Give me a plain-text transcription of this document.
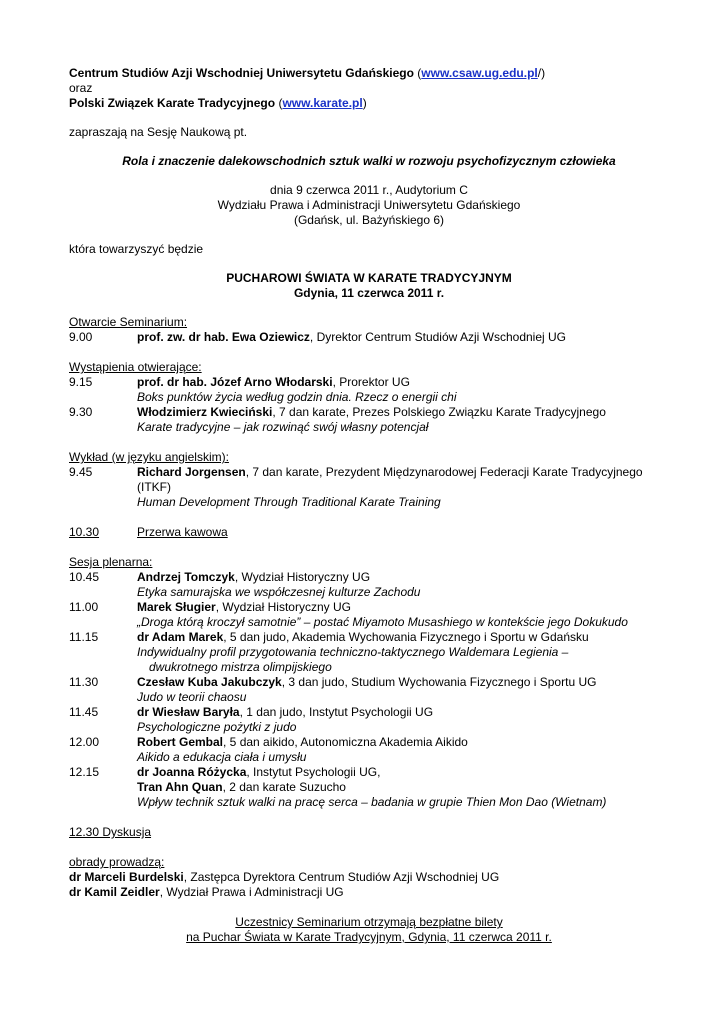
Centrum Studiów Azji Wschodniej Uniwersytetu Gdańskiego (www.csaw.ug.edu.pl/)
oraz
Polski Związek Karate Tradycyjnego (www.karate.pl)
zapraszają na Sesję Naukową pt.
Rola i znaczenie dalekowschodnich sztuk walki w rozwoju psychofizycznym człowieka
dnia 9 czerwca 2011 r., Audytorium C
Wydziału Prawa i Administracji Uniwersytetu Gdańskiego
(Gdańsk, ul. Bażyńskiego 6)
która towarzyszyć będzie
PUCHAROWI ŚWIATA W KARATE TRADYCYJNYM
Gdynia, 11 czerwca 2011 r.
Otwarcie Seminarium:
9.00	prof. zw. dr hab. Ewa Oziewicz, Dyrektor Centrum Studiów Azji Wschodniej UG
Wystąpienia otwierające:
9.15	prof. dr hab. Józef Arno Włodarski, Prorektor UG
Boks punktów życia według godzin dnia. Rzecz o energii chi
9.30	Włodzimierz Kwieciński, 7 dan karate, Prezes Polskiego Związku Karate Tradycyjnego
Karate tradycyjne – jak rozwinąć swój własny potencjał
Wykład (w języku angielskim):
9.45	Richard Jorgensen, 7 dan karate, Prezydent Międzynarodowej Federacji Karate Tradycyjnego
(ITKF)
Human Development Through Traditional Karate Training
10.30	Przerwa kawowa
Sesja plenarna:
10.45	Andrzej Tomczyk, Wydział Historyczny UG
Etyka samurajska we współczesnej kulturze Zachodu
11.00	Marek Sługier, Wydział Historyczny UG
„Droga którą kroczył samotnie” – postać Miyamoto Musashiego w kontekście jego Dokukudo
11.15	dr Adam Marek, 5 dan judo, Akademia Wychowania Fizycznego i Sportu w Gdańsku
Indywidualny profil przygotowania techniczno-taktycznego Waldemara Legienia –
dwukrotnego mistrza olimpijskiego
11.30	Czesław Kuba Jakubczyk, 3 dan judo, Studium Wychowania Fizycznego i Sportu UG
Judo w teorii chaosu
11.45	dr Wiesław Baryła, 1 dan judo, Instytut Psychologii UG
Psychologiczne pożytki z judo
12.00	Robert Gembal, 5 dan aikido, Autonomiczna Akademia Aikido
Aikido a edukacja ciała i umysłu
12.15	dr Joanna Różycka, Instytut Psychologii UG,
Tran Ahn Quan, 2 dan karate Suzucho
Wpływ technik sztuk walki na pracę serca – badania w grupie Thien Mon Dao (Wietnam)
12.30 Dyskusja
obrady prowadzą:
dr Marceli Burdelski, Zastępca Dyrektora Centrum Studiów Azji Wschodniej UG
dr Kamil Zeidler, Wydział Prawa i Administracji UG
Uczestnicy Seminarium otrzymają bezpłatne bilety
na Puchar Świata w Karate Tradycyjnym, Gdynia, 11 czerwca 2011 r.
